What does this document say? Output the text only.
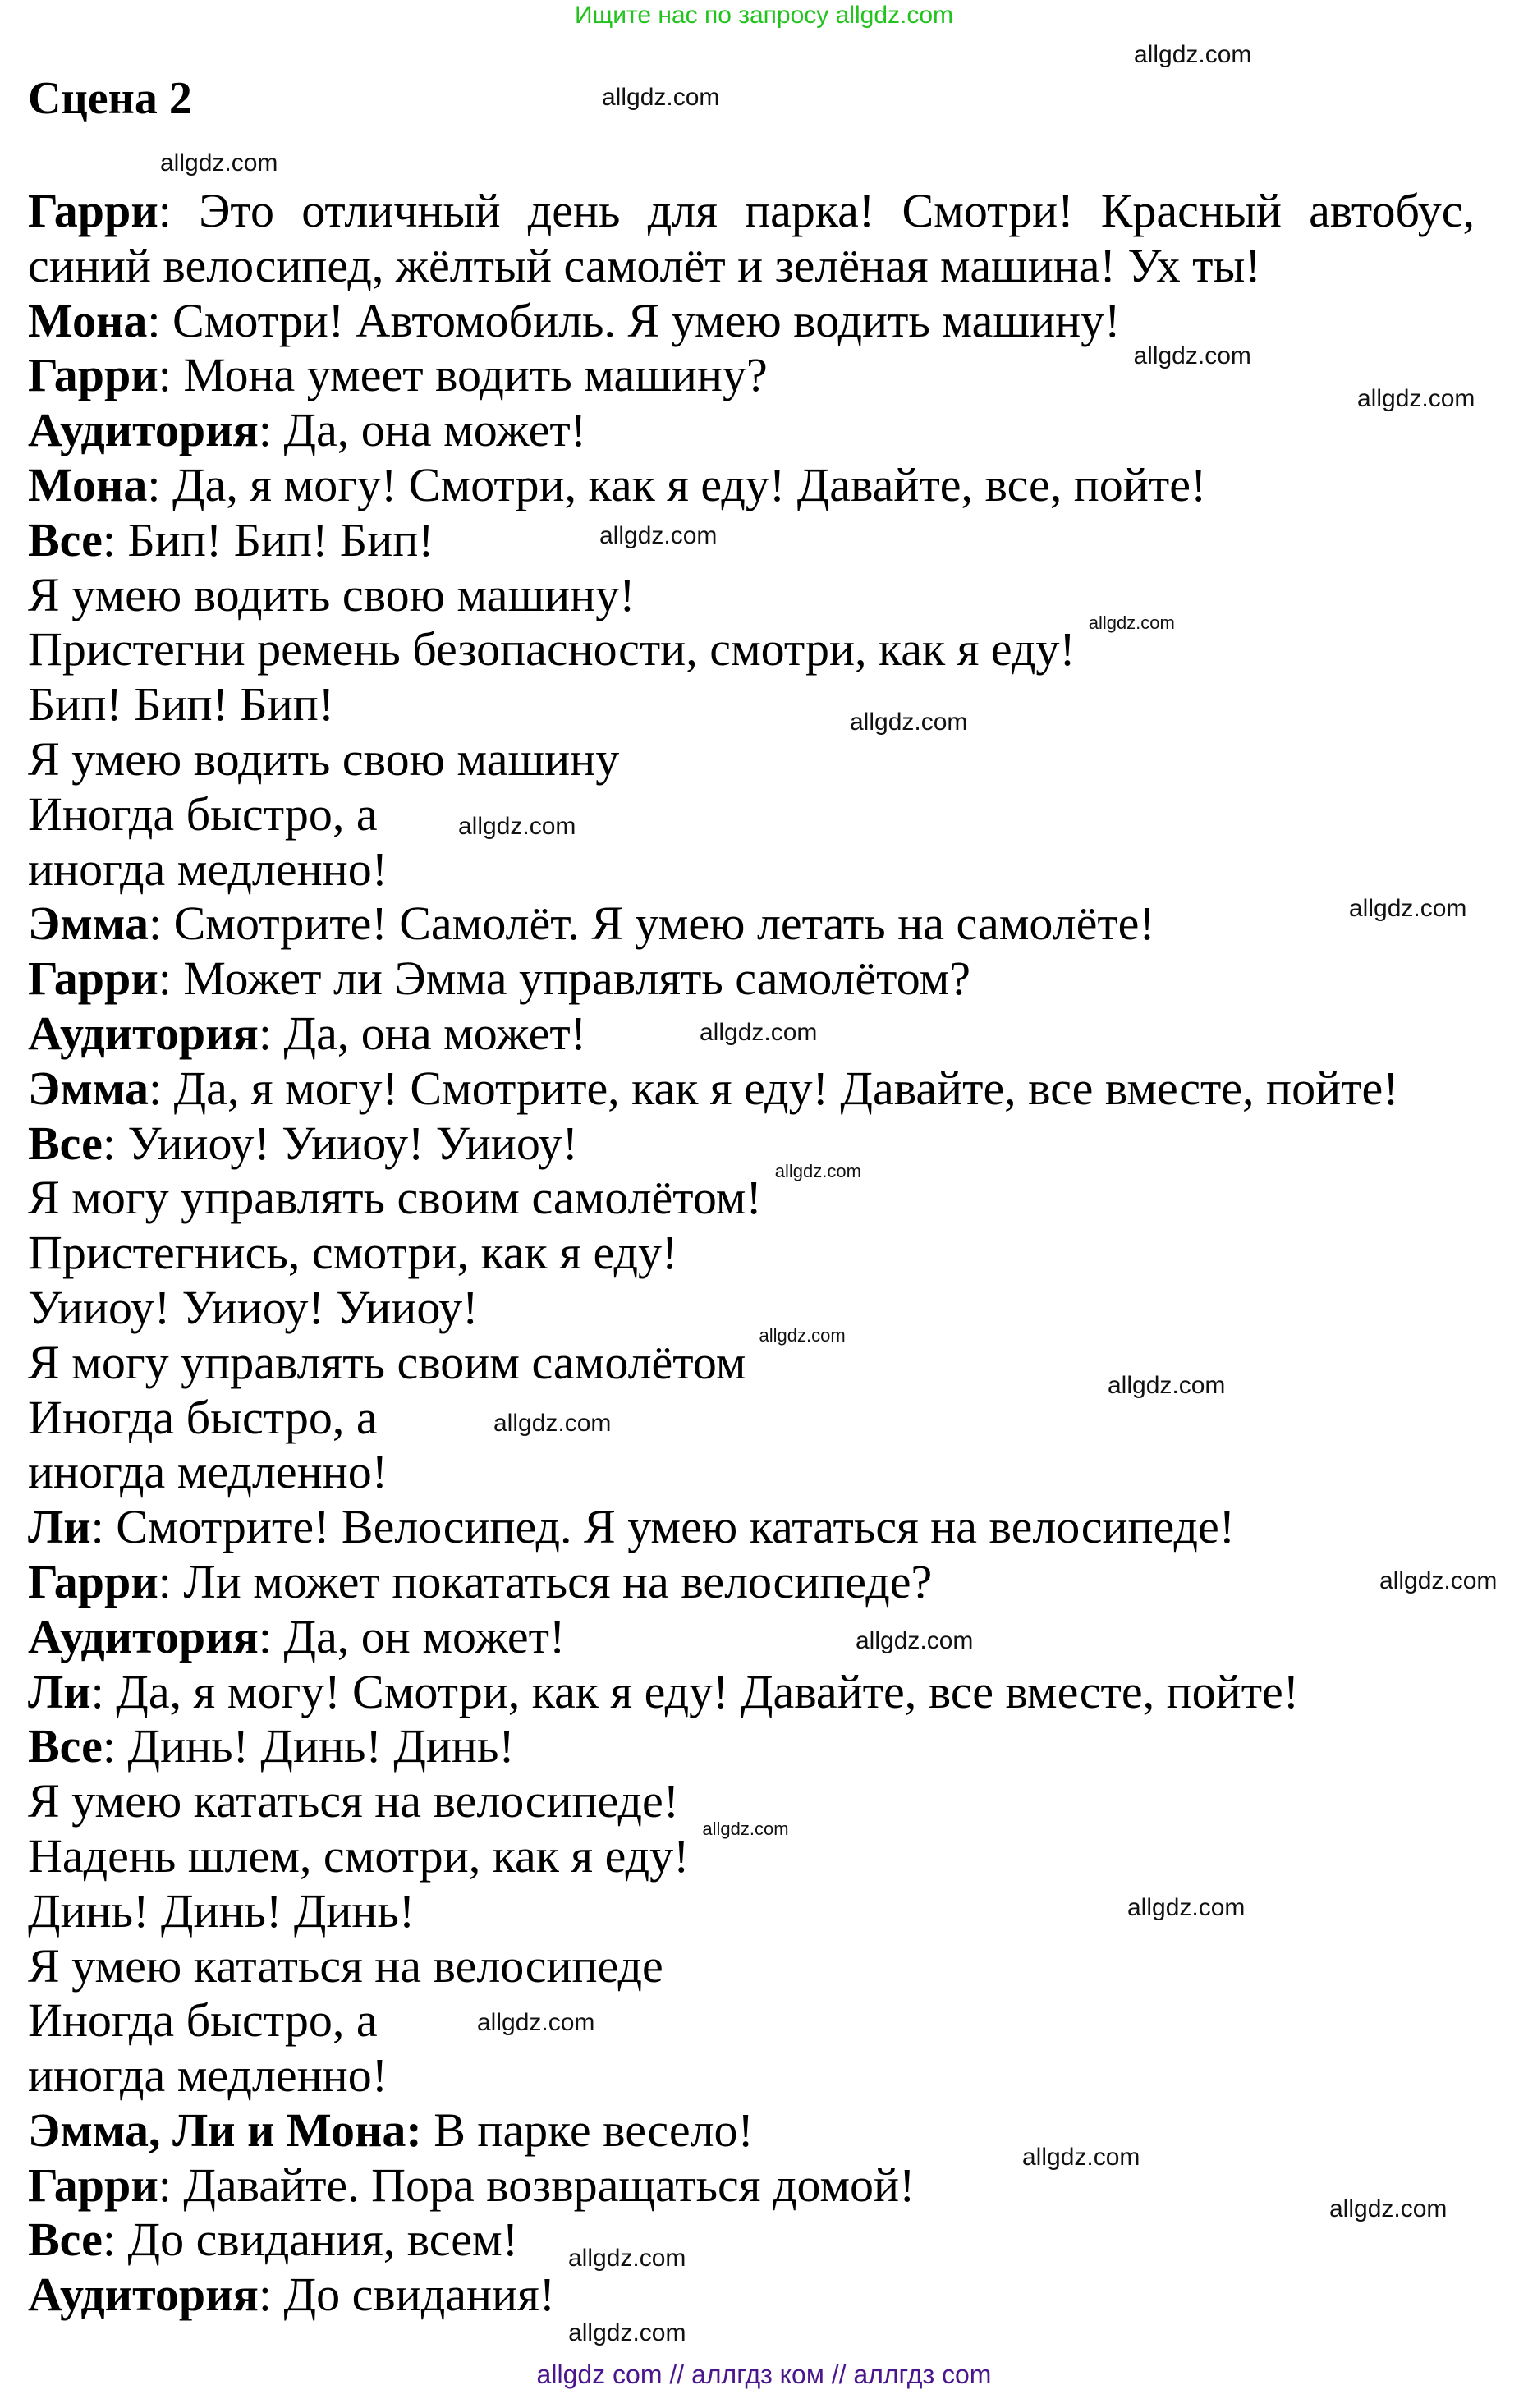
Ищите нас по запросу allgdz.com
Сцена 2
Гарри: Это отличный день для парка! Смотри! Красный автобус,
синий велосипед, жёлтый самолёт и зелёная машина! Ух ты!
Мона: Смотри! Автомобиль. Я умею водить машину!
Гарри: Мона умеет водить машину?
Аудитория: Да, она может!
Мона: Да, я могу! Смотри, как я еду! Давайте, все, пойте!
Все: Бип! Бип! Бип!
Я умею водить свою машину!
Пристегни ремень безопасности, смотри, как я еду!
Бип! Бип! Бип!
Я умею водить свою машину
Иногда быстро, а
иногда медленно!
Эмма: Смотрите! Самолёт. Я умею летать на самолёте!
Гарри: Может ли Эмма управлять самолётом?
Аудитория: Да, она может!
Эмма: Да, я могу! Смотрите, как я еду! Давайте, все вместе, пойте!
Все: Уииоу! Уииоу! Уииоу!
Я могу управлять своим самолётом!
Пристегнись, смотри, как я еду!
Уииоу! Уииоу! Уииоу!
Я могу управлять своим самолётом
Иногда быстро, а
иногда медленно!
Ли: Смотрите! Велосипед. Я умею кататься на велосипеде!
Гарри: Ли может покататься на велосипеде?
Аудитория: Да, он может!
Ли: Да, я могу! Смотри, как я еду! Давайте, все вместе, пойте!
Все: Динь! Динь! Динь!
Я умею кататься на велосипеде!
Надень шлем, смотри, как я еду!
Динь! Динь! Динь!
Я умею кататься на велосипеде
Иногда быстро, а
иногда медленно!
Эмма, Ли и Мона: В парке весело!
Гарри: Давайте. Пора возвращаться домой!
Все: До свидания, всем!
Аудитория: До свидания!
allgdz.com
allgdz.com
allgdz.com
allgdz.com
allgdz.com
allgdz.com
allgdz.com
allgdz.com
allgdz.com
allgdz.com
allgdz.com
allgdz.com
allgdz.com
allgdz.com
allgdz.com
allgdz.com
allgdz.com
allgdz.com
allgdz.com
allgdz.com
allgdz.com
allgdz.com
allgdz.com
allgdz.com
allgdz com // аллгдз ком // аллгдз com
